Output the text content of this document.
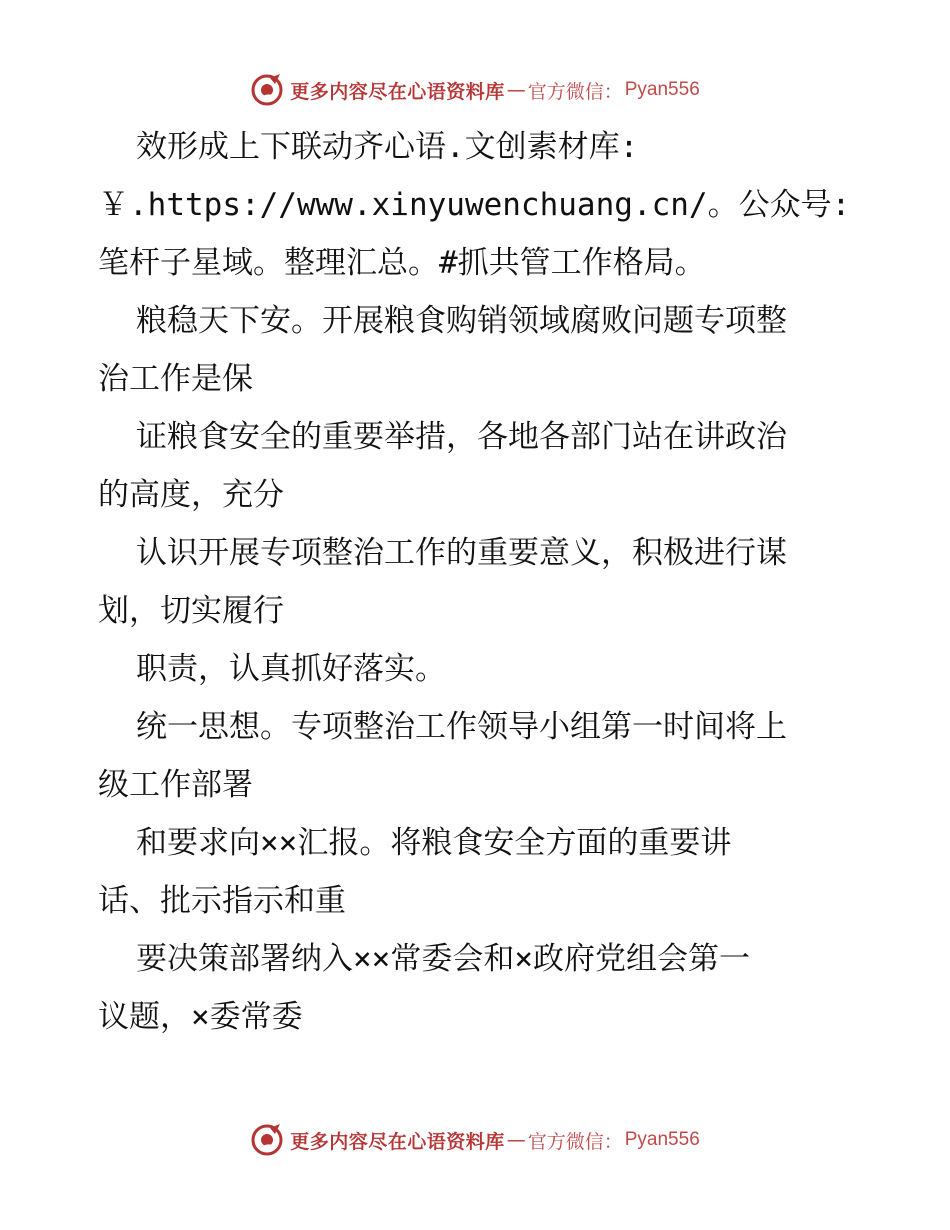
更多内容尽在心语资料库 — 官方微信： Pyan556
效形成上下联动齐心语.文创素材库:
￥.https://www.xinyuwenchuang.cn/。公众号:
笔杆子星域。整理汇总。#抓共管工作格局。
粮稳天下安。开展粮食购销领域腐败问题专项整
治工作是保
证粮食安全的重要举措，各地各部门站在讲政治
的高度，充分
认识开展专项整治工作的重要意义，积极进行谋
划，切实履行
职责，认真抓好落实。
统一思想。专项整治工作领导小组第一时间将上
级工作部署
和要求向××汇报。将粮食安全方面的重要讲
话、批示指示和重
要决策部署纳入××常委会和×政府党组会第一
议题，×委常委
更多内容尽在心语资料库 — 官方微信： Pyan556
